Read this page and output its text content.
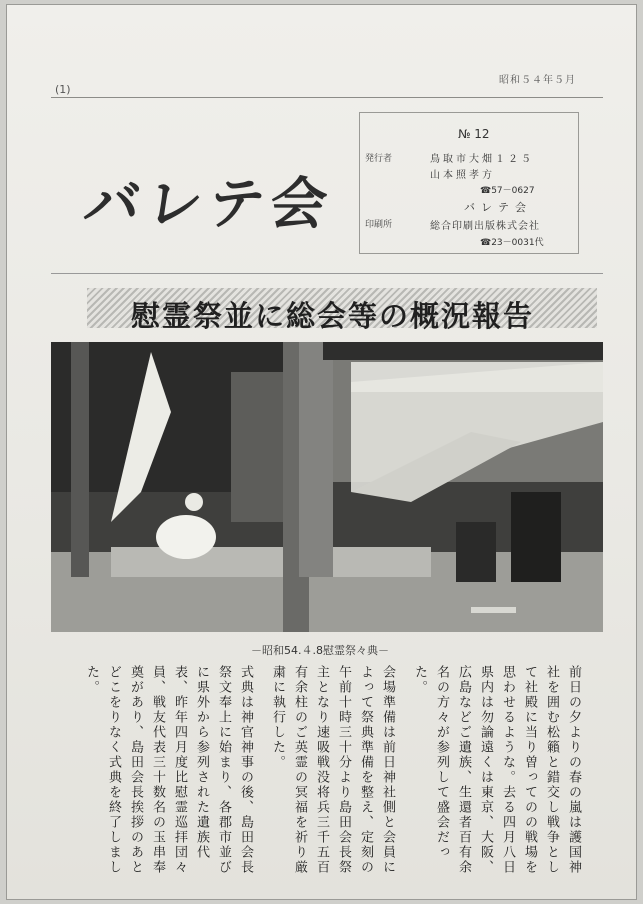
(1)
昭和５４年５月
バレテ会
№ 12
発行者	鳥取市大畑１２５
山本照孝方
☎57－0627
バレテ会
印刷所	総合印刷出版株式会社
☎23－0031代
慰霊祭並に総会等の概況報告
－昭和54.４.8慰霊祭々典－

前日の夕よりの春の嵐は護国神社を囲む松籟と錯交し戦争として社殿に当り曽ってのの戦場を思わせるような。去る四月八日県内は勿論遠くは東京、大阪、広島などご遺族、生還者百有余名の方々が参列して盛会だった。

会場準備は前日神社側と会員によって祭典準備を整え、定刻の午前十時三十分より島田会長祭主となり速吸戦没将兵三千五百有余柱のご英霊の冥福を祈り厳粛に執行した。

式典は神官神事の後、島田会長祭文奉上に始まり、各郡市並びに県外から参列された遺族代表、昨年四月度比慰霊巡拝団々員、戦友代表三十数名の玉串奉奠があり、島田会長挨拶のあとどこをりなく式典を終了しました。
